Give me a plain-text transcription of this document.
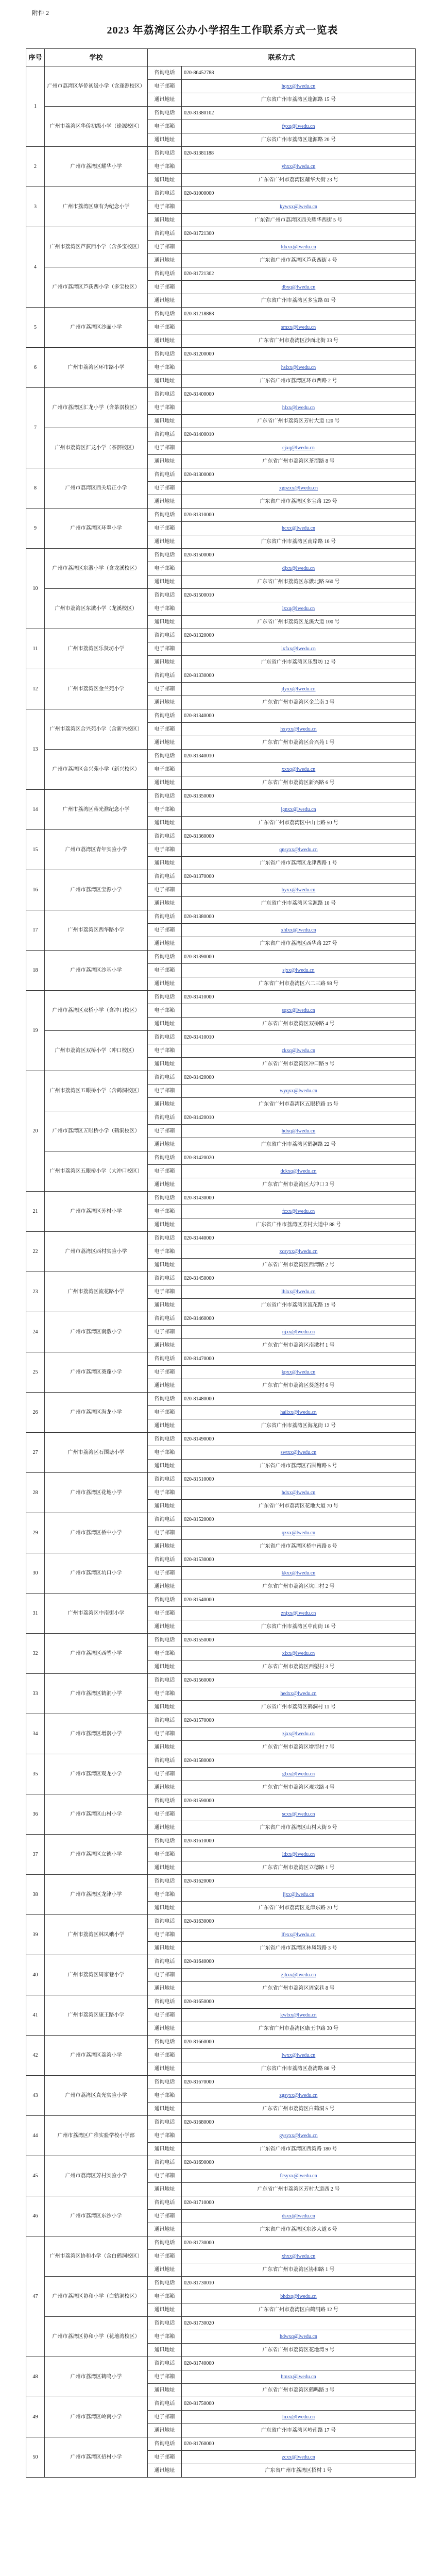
附件 2
2023 年荔湾区公办小学招生工作联系方式一览表
序号	学校	联系方式	
1	广州市荔湾区华侨初级小学（含逢源校区）	咨询电话	020-86452788
		电子邮箱	hqxx@lwedu.cn
		通讯地址	广东省广州市荔湾区逢源路 15 号
	广州市荔湾区华侨初级小学（逢源校区）	咨询电话	020-81380102
		电子邮箱	fyxq@lwedu.cn
		通讯地址	广东省广州市荔湾区逢源路 20 号
2	广州市荔湾区耀华小学	咨询电话	020-81381188
		电子邮箱	yhxx@lwedu.cn
		通讯地址	广东省广州市荔湾区耀华大街 23 号
3	广州市荔湾区康有为纪念小学	咨询电话	020-81000000
		电子邮箱	kywxx@lwedu.cn
		通讯地址	广东省广州市荔湾区西关耀华西街 5 号
4	广州市荔湾区芦荻西小学（含多宝校区）	咨询电话	020-81721300
		电子邮箱	ldxxx@lwedu.cn
		通讯地址	广东省广州市荔湾区芦荻西街 4 号
	广州市荔湾区芦荻西小学（多宝校区）	咨询电话	020-81721302
		电子邮箱	dbxq@lwedu.cn
		通讯地址	广东省广州市荔湾区多宝路 81 号
5	广州市荔湾区沙面小学	咨询电话	020-81218888
		电子邮箱	smxx@lwedu.cn
		通讯地址	广东省广州市荔湾区沙面北街 33 号
6	广州市荔湾区环市路小学	咨询电话	020-81200000
		电子邮箱	hslxx@lwedu.cn
		通讯地址	广东省广州市荔湾区环市西路 2 号
7	广州市荔湾区汇龙小学（含茶滘校区）	咨询电话	020-81400000
		电子邮箱	hlxx@lwedu.cn
		通讯地址	广东省广州市荔湾区芳村大道 120 号
	广州市荔湾区汇龙小学（茶滘校区）	咨询电话	020-81400010
		电子邮箱	cjxq@lwedu.cn
		通讯地址	广东省广州市荔湾区茶滘路 8 号
8	广州市荔湾区西关培正小学	咨询电话	020-81300000
		电子邮箱	xgpzxx@lwedu.cn
		通讯地址	广东省广州市荔湾区多宝路 129 号
9	广州市荔湾区环翠小学	咨询电话	020-81310000
		电子邮箱	hcxx@lwedu.cn
		通讯地址	广东省广州市荔湾区南岸路 16 号
10	广州市荔湾区东漖小学（含龙溪校区）	咨询电话	020-81500000
		电子邮箱	djxx@lwedu.cn
		通讯地址	广东省广州市荔湾区东漖北路 560 号
	广州市荔湾区东漖小学（龙溪校区）	咨询电话	020-81500010
		电子邮箱	lxxq@lwedu.cn
		通讯地址	广东省广州市荔湾区龙溪大道 100 号
11	广州市荔湾区乐贤坊小学	咨询电话	020-81320000
		电子邮箱	lxfxx@lwedu.cn
		通讯地址	广东省广州市荔湾区乐贤坊 12 号
12	广州市荔湾区金兰苑小学	咨询电话	020-81330000
		电子邮箱	jlyxx@lwedu.cn
		通讯地址	广东省广州市荔湾区金兰南 3 号
13	广州市荔湾区合兴苑小学（含新兴校区）	咨询电话	020-81340000
		电子邮箱	hxyxx@lwedu.cn
		通讯地址	广东省广州市荔湾区合兴苑 1 号
	广州市荔湾区合兴苑小学（新兴校区）	咨询电话	020-81340010
		电子邮箱	xxxq@lwedu.cn
		通讯地址	广东省广州市荔湾区新兴路 6 号
14	广州市荔湾区蒋光鼐纪念小学	咨询电话	020-81350000
		电子邮箱	jgnxx@lwedu.cn
		通讯地址	广东省广州市荔湾区中山七路 50 号
15	广州市荔湾区青年实验小学	咨询电话	020-81360000
		电子邮箱	qnsyxx@lwedu.cn
		通讯地址	广东省广州市荔湾区龙津西路 1 号
16	广州市荔湾区宝源小学	咨询电话	020-81370000
		电子邮箱	byxx@lwedu.cn
		通讯地址	广东省广州市荔湾区宝源路 10 号
17	广州市荔湾区西华路小学	咨询电话	020-81380000
		电子邮箱	xhlxx@lwedu.cn
		通讯地址	广东省广州市荔湾区西华路 227 号
18	广州市荔湾区沙基小学	咨询电话	020-81390000
		电子邮箱	sjxx@lwedu.cn
		通讯地址	广东省广州市荔湾区六二三路 98 号
19	广州市荔湾区双桥小学（含冲口校区）	咨询电话	020-81410000
		电子邮箱	sqxx@lwedu.cn
		通讯地址	广东省广州市荔湾区双桥路 4 号
	广州市荔湾区双桥小学（冲口校区）	咨询电话	020-81410010
		电子邮箱	ckxq@lwedu.cn
		通讯地址	广东省广州市荔湾区冲口路 9 号
20	广州市荔湾区五眼桥小学（含鹤洞校区）	咨询电话	020-81420000
		电子邮箱	wyqxx@lwedu.cn
		通讯地址	广东省广州市荔湾区五眼桥路 15 号
	广州市荔湾区五眼桥小学（鹤洞校区）	咨询电话	020-81420010
		电子邮箱	hdxq@lwedu.cn
		通讯地址	广东省广州市荔湾区鹤洞路 22 号
	广州市荔湾区五眼桥小学（大冲口校区）	咨询电话	020-81420020
		电子邮箱	dckxq@lwedu.cn
		通讯地址	广东省广州市荔湾区大冲口 3 号
21	广州市荔湾区芳村小学	咨询电话	020-81430000
		电子邮箱	fcxx@lwedu.cn
		通讯地址	广东省广州市荔湾区芳村大道中 88 号
22	广州市荔湾区西村实验小学	咨询电话	020-81440000
		电子邮箱	xcsyxx@lwedu.cn
		通讯地址	广东省广州市荔湾区西湾路 2 号
23	广州市荔湾区流花路小学	咨询电话	020-81450000
		电子邮箱	lhlxx@lwedu.cn
		通讯地址	广东省广州市荔湾区流花路 19 号
24	广州市荔湾区南漖小学	咨询电话	020-81460000
		电子邮箱	njxx@lwedu.cn
		通讯地址	广东省广州市荔湾区南漖村 1 号
25	广州市荔湾区葵蓬小学	咨询电话	020-81470000
		电子邮箱	kpxx@lwedu.cn
		通讯地址	广东省广州市荔湾区葵蓬村 6 号
26	广州市荔湾区海龙小学	咨询电话	020-81480000
		电子邮箱	hailxx@lwedu.cn
		通讯地址	广东省广州市荔湾区海龙街 12 号
27	广州市荔湾区石围塘小学	咨询电话	020-81490000
		电子邮箱	swtxx@lwedu.cn
		通讯地址	广东省广州市荔湾区石围塘路 5 号
28	广州市荔湾区花地小学	咨询电话	020-81510000
		电子邮箱	hdxx@lwedu.cn
		通讯地址	广东省广州市荔湾区花地大道 70 号
29	广州市荔湾区桥中小学	咨询电话	020-81520000
		电子邮箱	qzxx@lwedu.cn
		通讯地址	广东省广州市荔湾区桥中南路 8 号
30	广州市荔湾区坑口小学	咨询电话	020-81530000
		电子邮箱	kkxx@lwedu.cn
		通讯地址	广东省广州市荔湾区坑口村 2 号
31	广州市荔湾区中南街小学	咨询电话	020-81540000
		电子邮箱	znjxx@lwedu.cn
		通讯地址	广东省广州市荔湾区中南街 16 号
32	广州市荔湾区西塱小学	咨询电话	020-81550000
		电子邮箱	xlxx@lwedu.cn
		通讯地址	广东省广州市荔湾区西塱村 3 号
33	广州市荔湾区鹤洞小学	咨询电话	020-81560000
		电子邮箱	hedxx@lwedu.cn
		通讯地址	广东省广州市荔湾区鹤洞村 11 号
34	广州市荔湾区增滘小学	咨询电话	020-81570000
		电子邮箱	zjxx@lwedu.cn
		通讯地址	广东省广州市荔湾区增滘村 7 号
35	广州市荔湾区观龙小学	咨询电话	020-81580000
		电子邮箱	glxx@lwedu.cn
		通讯地址	广东省广州市荔湾区观龙路 4 号
36	广州市荔湾区山村小学	咨询电话	020-81590000
		电子邮箱	scxx@lwedu.cn
		通讯地址	广东省广州市荔湾区山村大街 9 号
37	广州市荔湾区立德小学	咨询电话	020-81610000
		电子邮箱	ldxx@lwedu.cn
		通讯地址	广东省广州市荔湾区立德路 1 号
38	广州市荔湾区龙津小学	咨询电话	020-81620000
		电子邮箱	ljxx@lwedu.cn
		通讯地址	广东省广州市荔湾区龙津东路 20 号
39	广州市荔湾区林凤娥小学	咨询电话	020-81630000
		电子邮箱	lfexx@lwedu.cn
		通讯地址	广东省广州市荔湾区林凤娥路 3 号
40	广州市荔湾区周家巷小学	咨询电话	020-81640000
		电子邮箱	zjhxx@lwedu.cn
		通讯地址	广东省广州市荔湾区周家巷 8 号
41	广州市荔湾区康王路小学	咨询电话	020-81650000
		电子邮箱	kwlxx@lwedu.cn
		通讯地址	广东省广州市荔湾区康王中路 30 号
42	广州市荔湾区荔湾小学	咨询电话	020-81660000
		电子邮箱	lwxx@lwedu.cn
		通讯地址	广东省广州市荔湾区荔湾路 88 号
43	广州市荔湾区真光实验小学	咨询电话	020-81670000
		电子邮箱	zgsyxx@lwedu.cn
		通讯地址	广东省广州市荔湾区白鹤洞 5 号
44	广州市荔湾区广雅实验学校小学部	咨询电话	020-81680000
		电子邮箱	gysyxx@lwedu.cn
		通讯地址	广东省广州市荔湾区西湾路 180 号
45	广州市荔湾区芳村实验小学	咨询电话	020-81690000
		电子邮箱	fcsyxx@lwedu.cn
		通讯地址	广东省广州市荔湾区芳村大道西 2 号
46	广州市荔湾区东沙小学	咨询电话	020-81710000
		电子邮箱	dsxx@lwedu.cn
		通讯地址	广东省广州市荔湾区东沙大道 6 号
47	广州市荔湾区协和小学（含白鹤洞校区）	咨询电话	020-81730000
		电子邮箱	xhxx@lwedu.cn
		通讯地址	广东省广州市荔湾区协和路 1 号
	广州市荔湾区协和小学（白鹤洞校区）	咨询电话	020-81730010
		电子邮箱	bhdxq@lwedu.cn
		通讯地址	广东省广州市荔湾区白鹤洞路 12 号
	广州市荔湾区协和小学（花地湾校区）	咨询电话	020-81730020
		电子邮箱	hdwxq@lwedu.cn
		通讯地址	广东省广州市荔湾区花地湾 9 号
48	广州市荔湾区鹤鸣小学	咨询电话	020-81740000
		电子邮箱	hmxx@lwedu.cn
		通讯地址	广东省广州市荔湾区鹤鸣路 3 号
49	广州市荔湾区岭南小学	咨询电话	020-81750000
		电子邮箱	lnxx@lwedu.cn
		通讯地址	广东省广州市荔湾区岭南路 17 号
50	广州市荔湾区招村小学	咨询电话	020-81760000
		电子邮箱	zcxx@lwedu.cn
		通讯地址	广东省广州市荔湾区招村 1 号
